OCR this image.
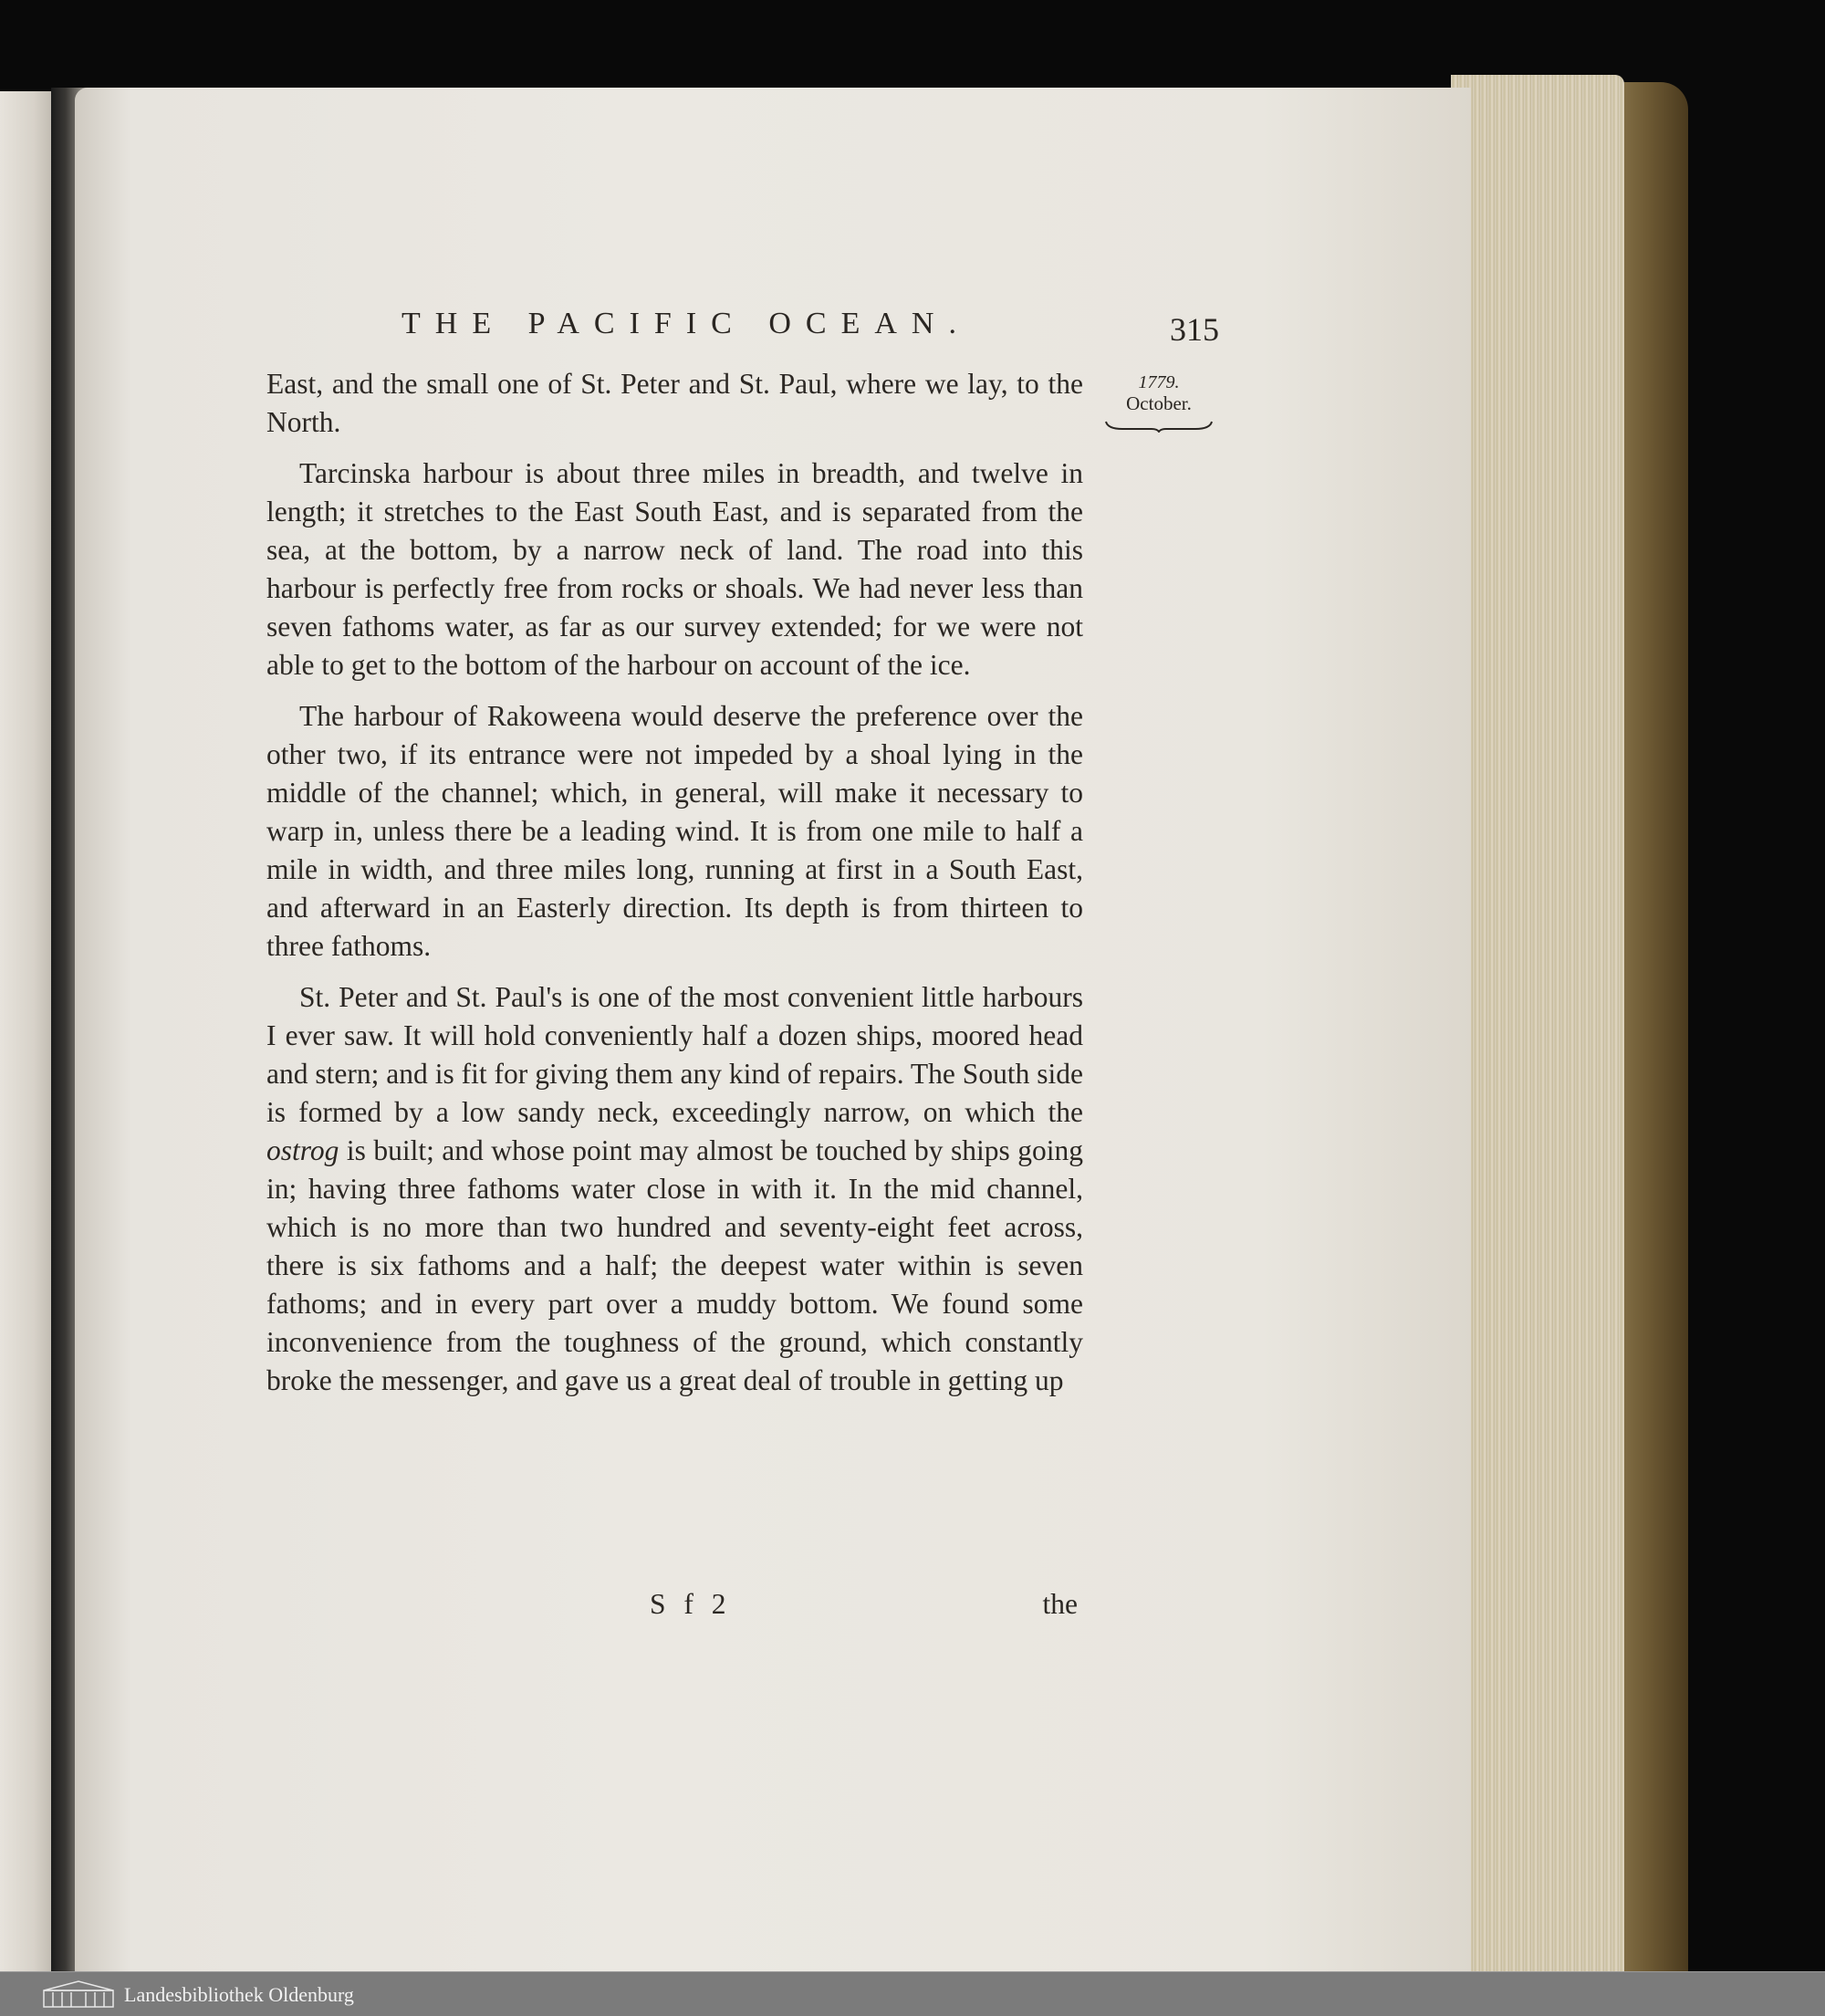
THE PACIFIC OCEAN.	315
1779.
October.

East, and the small one of St. Peter and St. Paul, where we lay, to the North.

Tarcinska harbour is about three miles in breadth, and twelve in length; it stretches to the East South East, and is separated from the sea, at the bottom, by a narrow neck of land. The road into this harbour is perfectly free from rocks or shoals. We had never less than seven fathoms water, as far as our survey extended; for we were not able to get to the bottom of the harbour on account of the ice.

The harbour of Rakoweena would deserve the preference over the other two, if its entrance were not impeded by a shoal lying in the middle of the channel; which, in general, will make it necessary to warp in, unless there be a leading wind. It is from one mile to half a mile in width, and three miles long, running at first in a South East, and afterward in an Easterly direction. Its depth is from thirteen to three fathoms.

St. Peter and St. Paul's is one of the most convenient little harbours I ever saw. It will hold conveniently half a dozen ships, moored head and stern; and is fit for giving them any kind of repairs. The South side is formed by a low sandy neck, exceedingly narrow, on which the ostrog is built; and whose point may almost be touched by ships going in; having three fathoms water close in with it. In the mid channel, which is no more than two hundred and seventy-eight feet across, there is six fathoms and a half; the deepest water within is seven fathoms; and in every part over a muddy bottom. We found some inconvenience from the toughness of the ground, which constantly broke the messenger, and gave us a great deal of trouble in getting up

S f 2	the
Landesbibliothek Oldenburg
